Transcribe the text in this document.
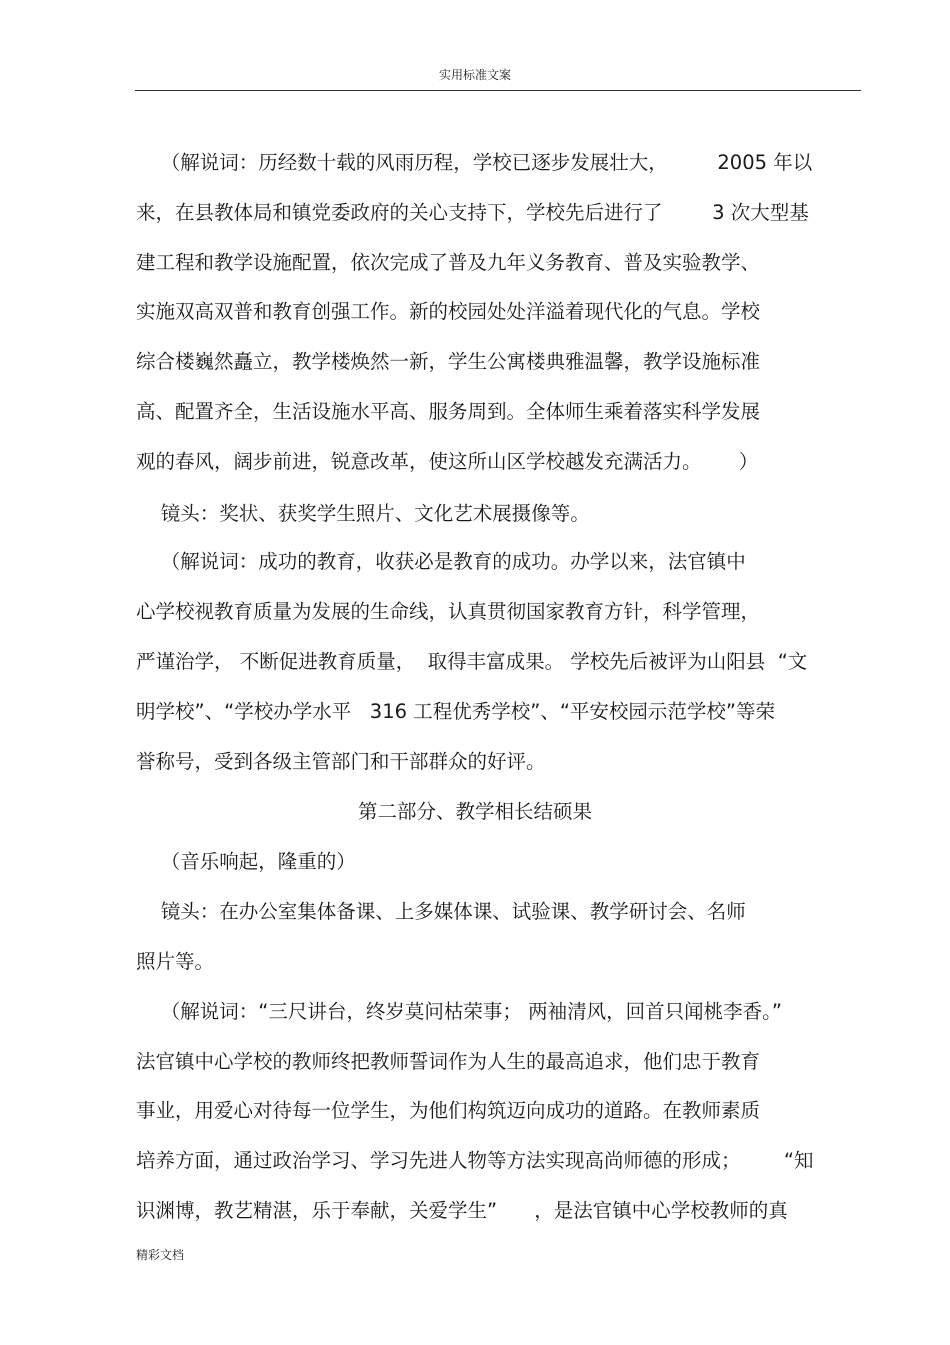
实用标准文案
（解说词：历经数十载的风雨历程，学校已逐步发展壮大，        2005 年以
来，在县教体局和镇党委政府的关心支持下，学校先后进行了        3 次大型基
建工程和教学设施配置，依次完成了普及九年义务教育、普及实验教学、
实施双高双普和教育创强工作。新的校园处处洋溢着现代化的气息。学校
综合楼巍然矗立，教学楼焕然一新，学生公寓楼典雅温馨，教学设施标准
高、配置齐全，生活设施水平高、服务周到。全体师生乘着落实科学发展
观的春风，阔步前进，锐意改革，使这所山区学校越发充满活力。      ）
镜头：奖状、获奖学生照片、文化艺术展摄像等。
（解说词：成功的教育，收获必是教育的成功。办学以来，法官镇中
心学校视教育质量为发展的生命线，认真贯彻国家教育方针，科学管理，
严谨治学， 不断促进教育质量，  取得丰富成果。 学校先后被评为山阳县  “文
明学校”、“学校办学水平   316 工程优秀学校”、“平安校园示范学校”等荣
誉称号，受到各级主管部门和干部群众的好评。
第二部分、教学相长结硕果
（音乐响起，隆重的）
镜头：在办公室集体备课、上多媒体课、试验课、教学研讨会、名师
照片等。
（解说词：“三尺讲台，终岁莫问枯荣事； 两袖清风，回首只闻桃李香。”
法官镇中心学校的教师终把教师誓词作为人生的最高追求，他们忠于教育
事业，用爱心对待每一位学生，为他们构筑迈向成功的道路。在教师素质
培养方面，通过政治学习、学习先进人物等方法实现高尚师德的形成；       “知
识渊博，教艺精湛，乐于奉献，关爱学生”      ，是法官镇中心学校教师的真
精彩文档
